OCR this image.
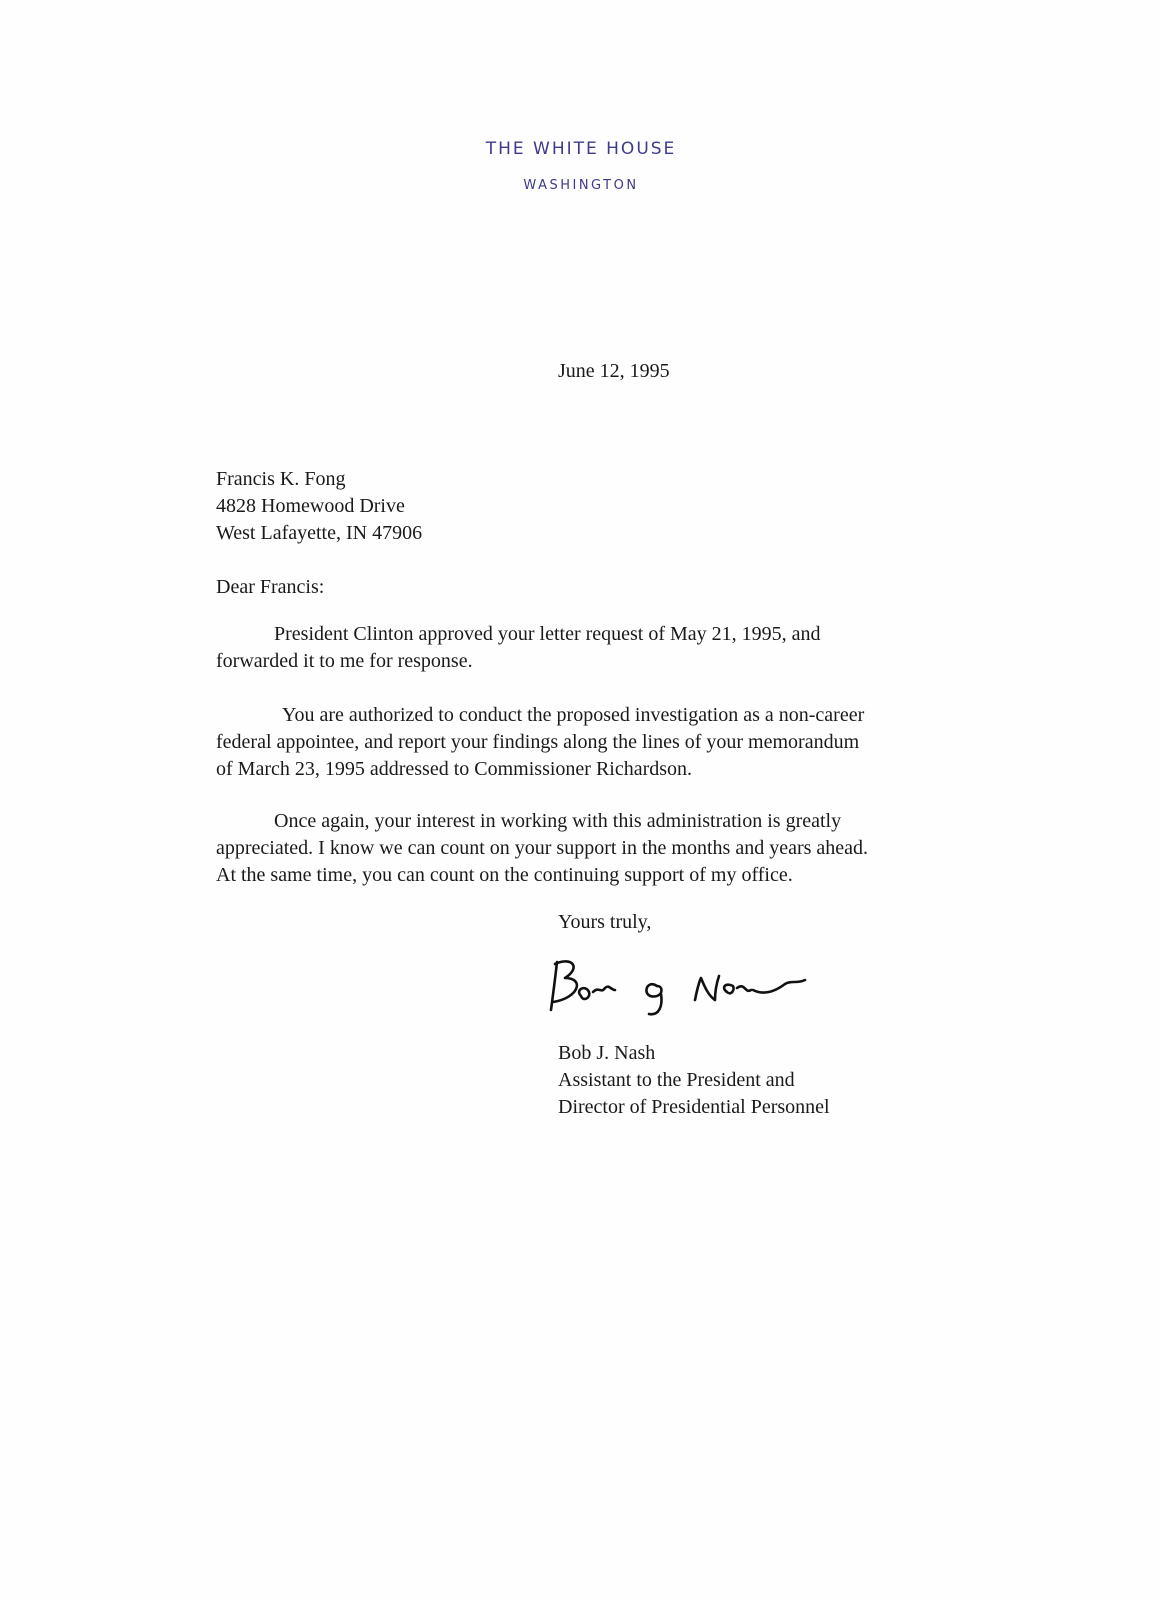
THE WHITE HOUSE
WASHINGTON
June 12, 1995
Francis K. Fong
4828 Homewood Drive
West Lafayette, IN 47906
Dear Francis:
President Clinton approved your letter request of May 21, 1995, and
forwarded it to me for response.
You are authorized to conduct the proposed investigation as a non-career
federal appointee, and report your findings along the lines of your memorandum
of March 23, 1995 addressed to Commissioner Richardson.
Once again, your interest in working with this administration is greatly
appreciated. I know we can count on your support in the months and years ahead.
At the same time, you can count on the continuing support of my office.
Yours truly,
Bob J. Nash
Assistant to the President and
Director of Presidential Personnel
